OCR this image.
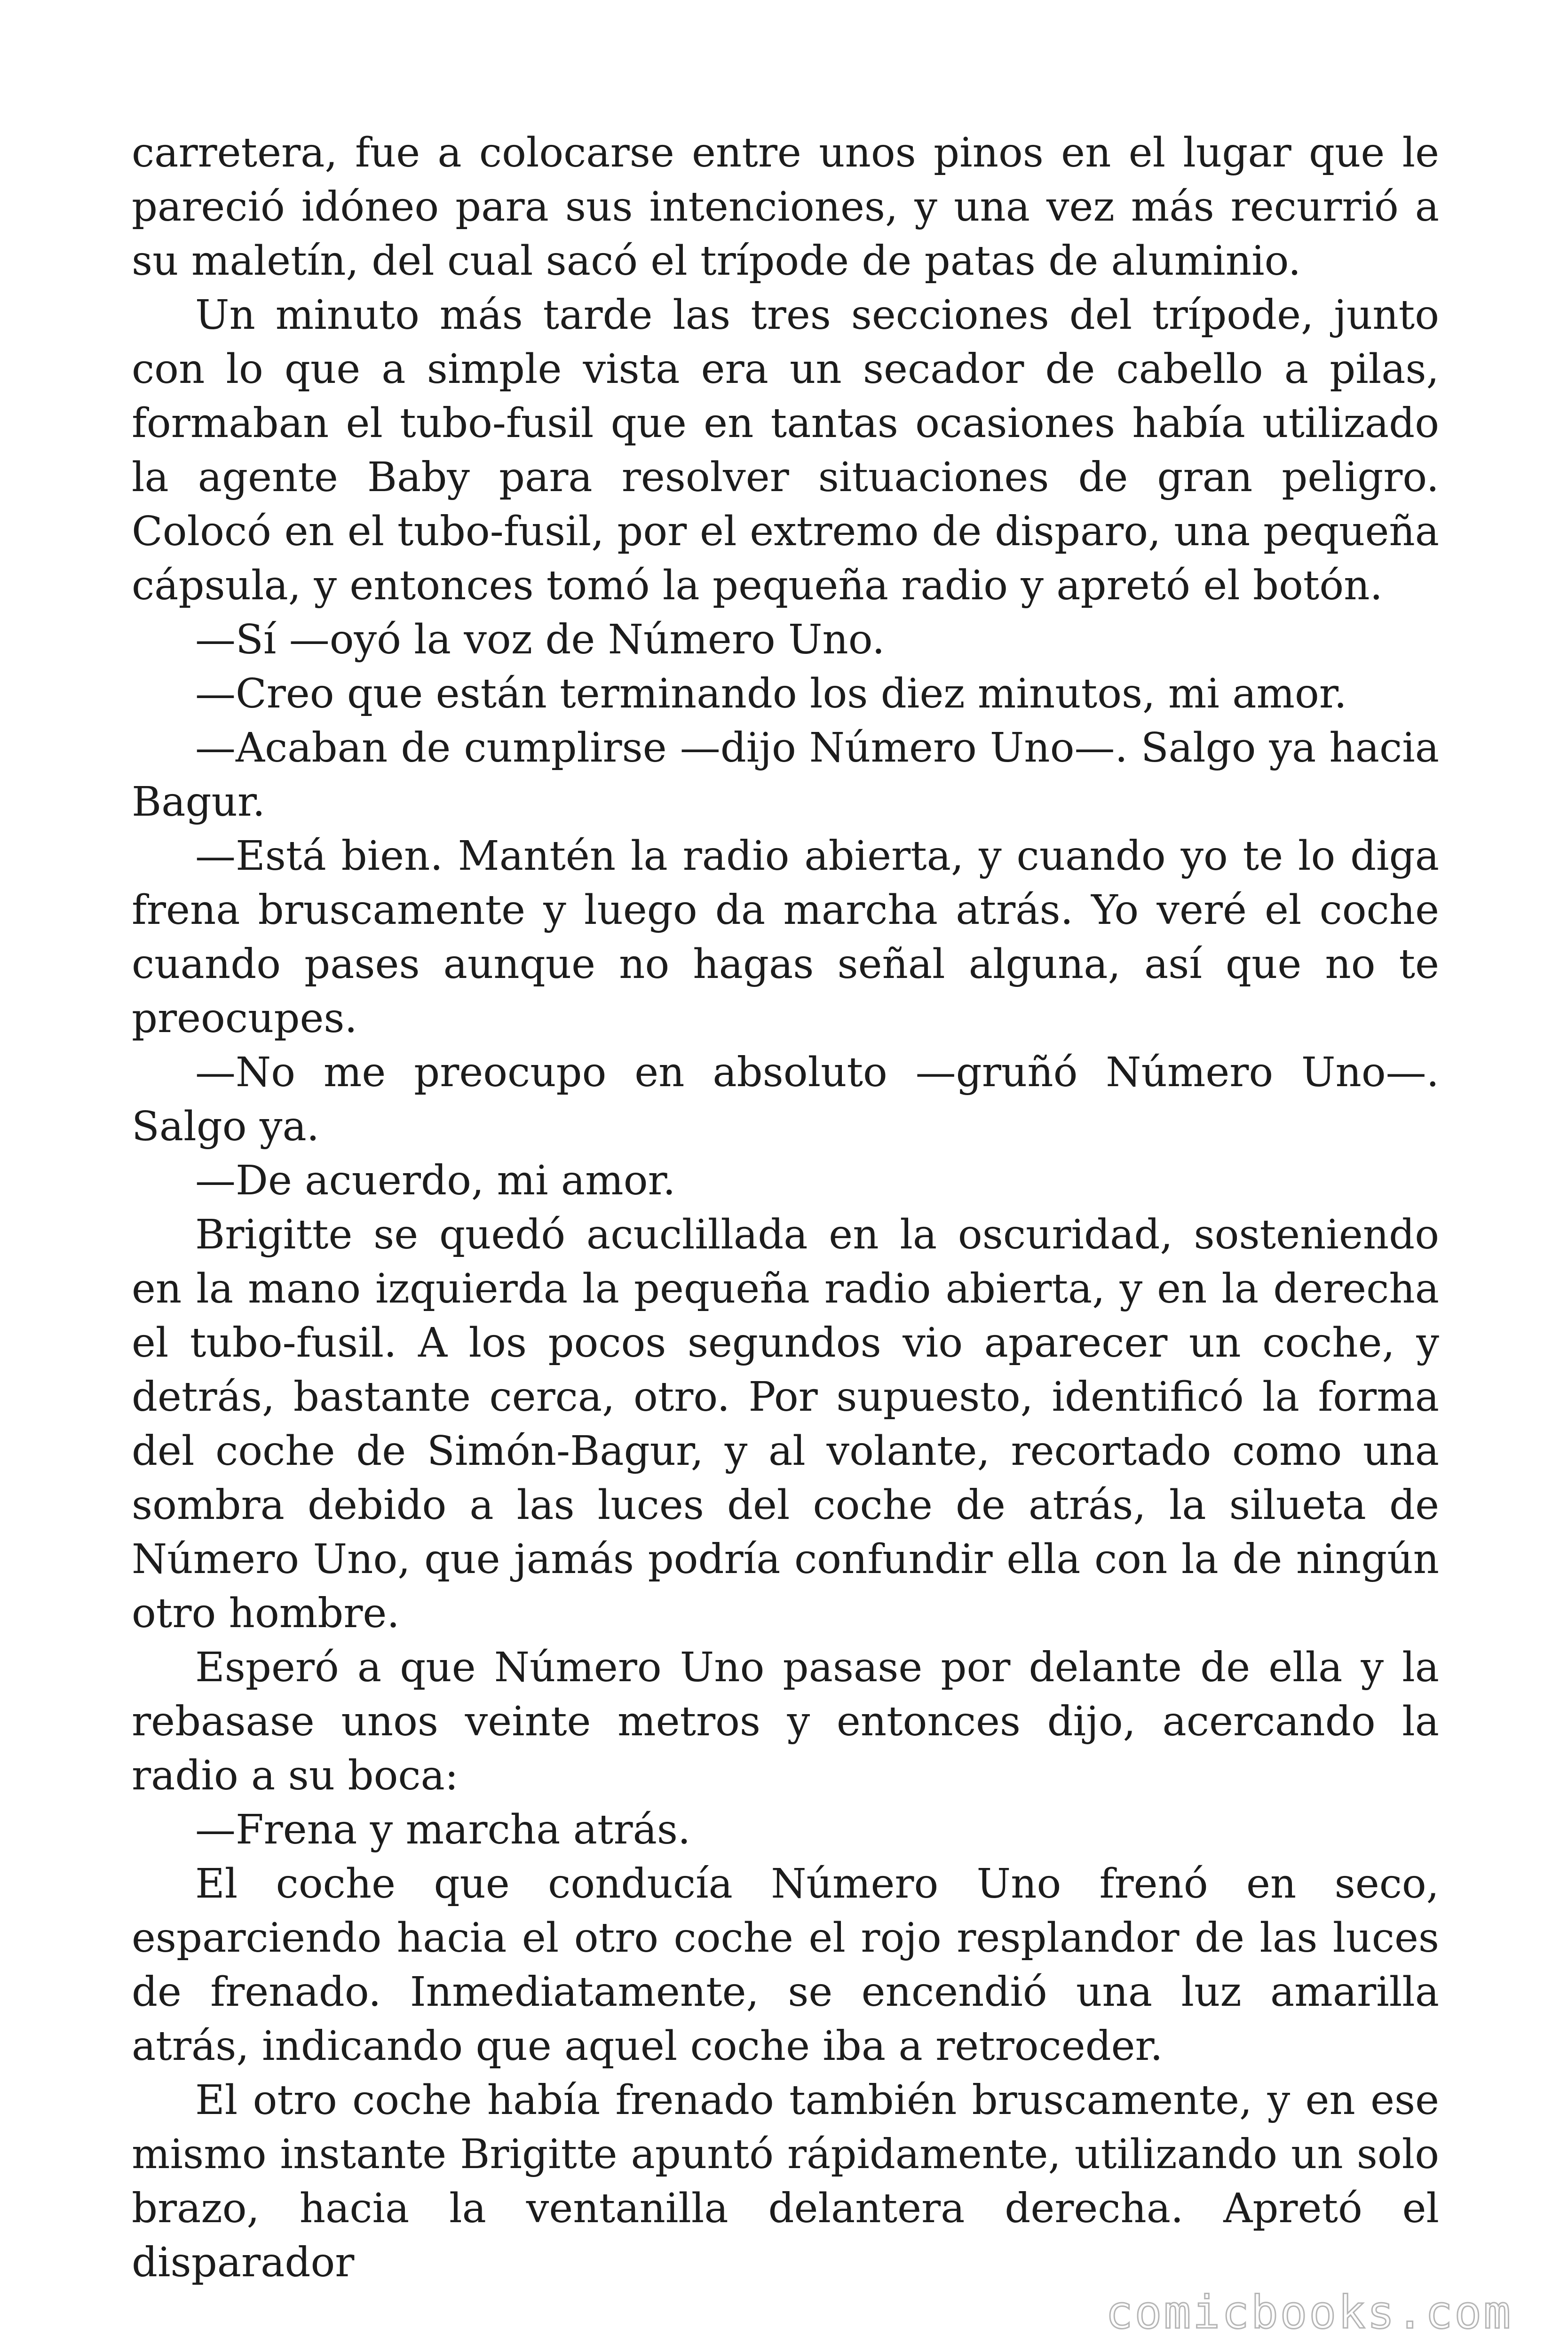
carretera, fue a colocarse entre unos pinos en el lugar que le pareció idóneo para sus intenciones, y una vez más recurrió a su maletín, del cual sacó el trípode de patas de aluminio.

Un minuto más tarde las tres secciones del trípode, junto con lo que a simple vista era un secador de cabello a pilas, formaban el tubo-fusil que en tantas ocasiones había utilizado la agente Baby para resolver situaciones de gran peligro. Colocó en el tubo-fusil, por el extremo de disparo, una pequeña cápsula, y entonces tomó la pequeña radio y apretó el botón.

—Sí —oyó la voz de Número Uno.

—Creo que están terminando los diez minutos, mi amor.

—Acaban de cumplirse —dijo Número Uno—. Salgo ya hacia Bagur.

—Está bien. Mantén la radio abierta, y cuando yo te lo diga frena bruscamente y luego da marcha atrás. Yo veré el coche cuando pases aunque no hagas señal alguna, así que no te preocupes.

—No me preocupo en absoluto —gruñó Número Uno—. Salgo ya.

—De acuerdo, mi amor.

Brigitte se quedó acuclillada en la oscuridad, sosteniendo en la mano izquierda la pequeña radio abierta, y en la derecha el tubo-fusil. A los pocos segundos vio aparecer un coche, y detrás, bastante cerca, otro. Por supuesto, identificó la forma del coche de Simón-Bagur, y al volante, recortado como una sombra debido a las luces del coche de atrás, la silueta de Número Uno, que jamás podría confundir ella con la de ningún otro hombre.

Esperó a que Número Uno pasase por delante de ella y la rebasase unos veinte metros y entonces dijo, acercando la radio a su boca:

—Frena y marcha atrás.

El coche que conducía Número Uno frenó en seco, esparciendo hacia el otro coche el rojo resplandor de las luces de frenado. Inmediatamente, se encendió una luz amarilla atrás, indicando que aquel coche iba a retroceder.

El otro coche había frenado también bruscamente, y en ese mismo instante Brigitte apuntó rápidamente, utilizando un solo brazo, hacia la ventanilla delantera derecha. Apretó el disparador

comicbooks.com
